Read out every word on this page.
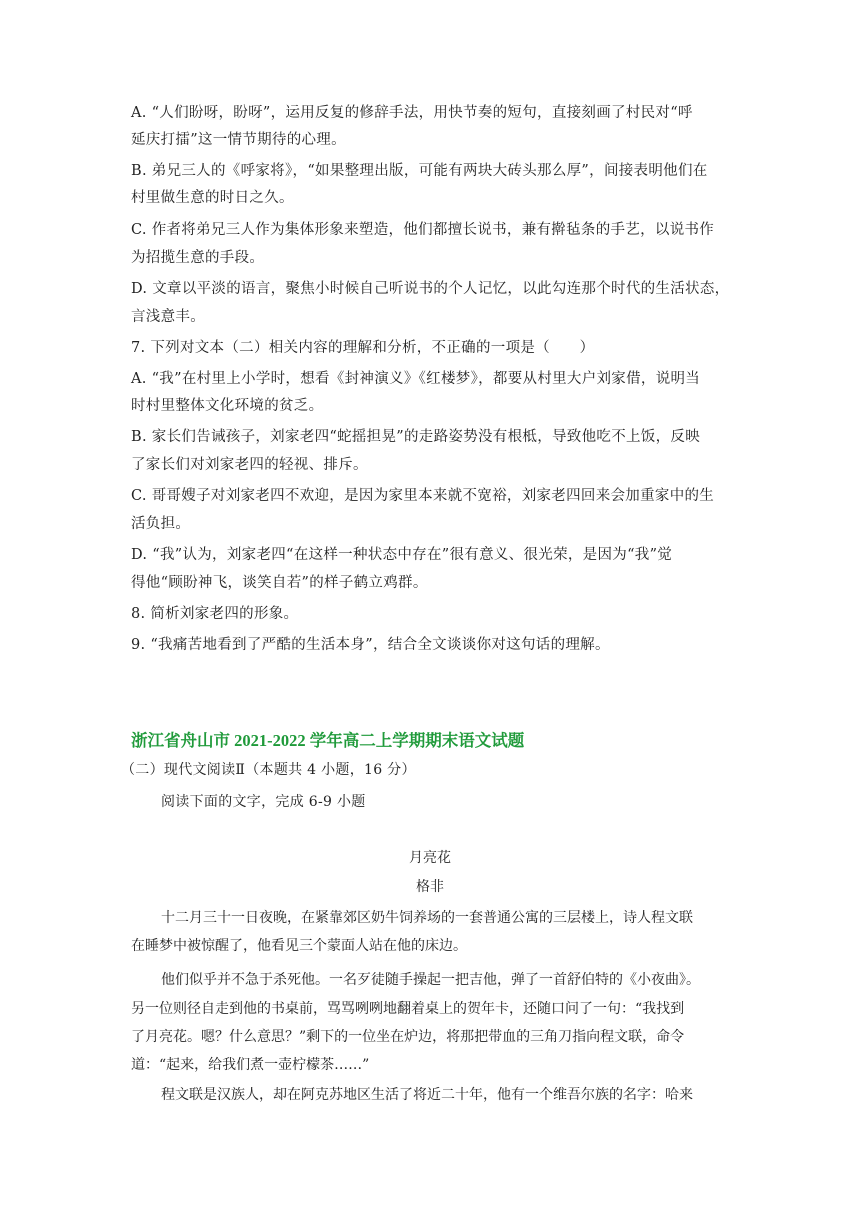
A. “人们盼呀，盼呀”，运用反复的修辞手法，用快节奏的短句，直接刻画了村民对“呼
延庆打擂”这一情节期待的心理。
B. 弟兄三人的《呼家将》，“如果整理出版，可能有两块大砖头那么厚”，间接表明他们在
村里做生意的时日之久。
C. 作者将弟兄三人作为集体形象来塑造，他们都擅长说书，兼有擀毡条的手艺，以说书作
为招揽生意的手段。
D. 文章以平淡的语言，聚焦小时候自己听说书的个人记忆，以此勾连那个时代的生活状态，
言浅意丰。
7. 下列对文本（二）相关内容的理解和分析，不正确的一项是（　　）
A. “我”在村里上小学时，想看《封神演义》《红楼梦》，都要从村里大户刘家借，说明当
时村里整体文化环境的贫乏。
B. 家长们告诫孩子，刘家老四“蛇摇担晃”的走路姿势没有根柢，导致他吃不上饭，反映
了家长们对刘家老四的轻视、排斥。
C. 哥哥嫂子对刘家老四不欢迎，是因为家里本来就不宽裕，刘家老四回来会加重家中的生
活负担。
D. “我”认为，刘家老四“在这样一种状态中存在”很有意义、很光荣，是因为“我”觉
得他“顾盼神飞，谈笑自若”的样子鹤立鸡群。
8. 简析刘家老四的形象。
9. “我痛苦地看到了严酷的生活本身”，结合全文谈谈你对这句话的理解。
浙江省舟山市 2021-2022 学年高二上学期期末语文试题
（二）现代文阅读Ⅱ（本题共 4 小题，16 分）
阅读下面的文字，完成 6-9 小题
月亮花
格非
十二月三十一日夜晚，在紧靠郊区奶牛饲养场的一套普通公寓的三层楼上，诗人程文联
在睡梦中被惊醒了，他看见三个蒙面人站在他的床边。
他们似乎并不急于杀死他。一名歹徒随手操起一把吉他，弹了一首舒伯特的《小夜曲》。
另一位则径自走到他的书桌前，骂骂咧咧地翻着桌上的贺年卡，还随口问了一句：“我找到
了月亮花。嗯？什么意思？”剩下的一位坐在炉边，将那把带血的三角刀指向程文联，命令
道：“起来，给我们煮一壶柠檬茶……”
程文联是汉族人，却在阿克苏地区生活了将近二十年，他有一个维吾尔族的名字：哈来
